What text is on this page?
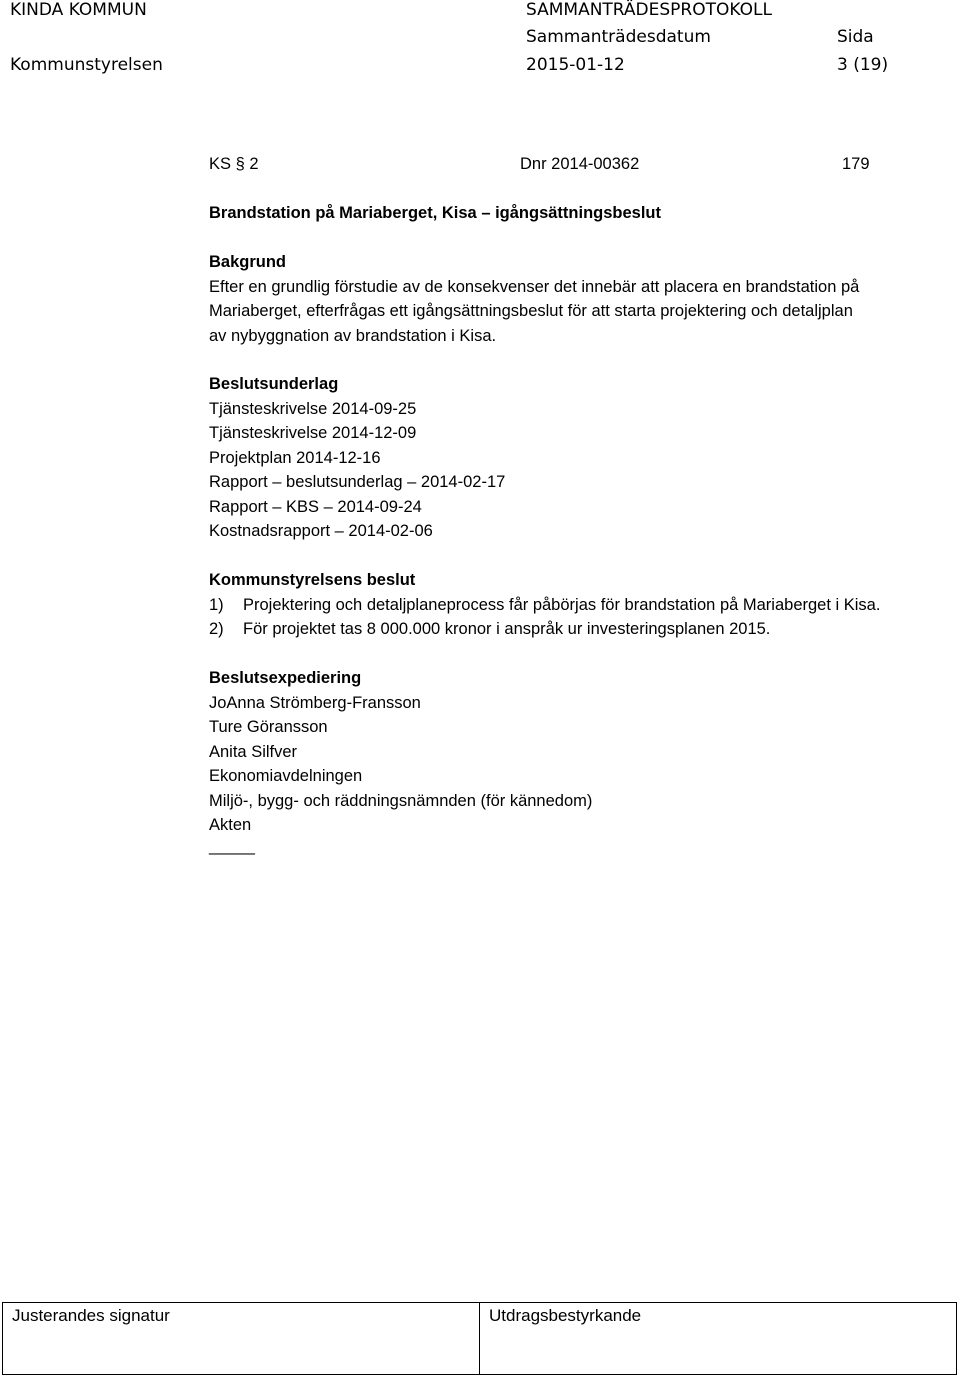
KINDA KOMMUN	SAMMANTRÄDESPROTOKOLL
Sammanträdesdatum	Sida
Kommunstyrelsen	2015-01-12	3 (19)
KS § 2	Dnr 2014-00362	179
Brandstation på Mariaberget, Kisa – igångsättningsbeslut
Bakgrund
Efter en grundlig förstudie av de konsekvenser det innebär att placera en brandstation på
Mariaberget, efterfrågas ett igångsättningsbeslut för att starta projektering och detaljplan
av nybyggnation av brandstation i Kisa.
Beslutsunderlag
Tjänsteskrivelse 2014-09-25
Tjänsteskrivelse 2014-12-09
Projektplan 2014-12-16
Rapport – beslutsunderlag – 2014-02-17
Rapport – KBS – 2014-09-24
Kostnadsrapport – 2014-02-06
Kommunstyrelsens beslut
1) Projektering och detaljplaneprocess får påbörjas för brandstation på Mariaberget i Kisa.
2) För projektet tas 8 000.000 kronor i anspråk ur investeringsplanen 2015.
Beslutsexpediering
JoAnna Strömberg-Fransson
Ture Göransson
Anita Silfver
Ekonomiavdelningen
Miljö-, bygg- och räddningsnämnden (för kännedom)
Akten
_____
Justerandes signatur	Utdragsbestyrkande
